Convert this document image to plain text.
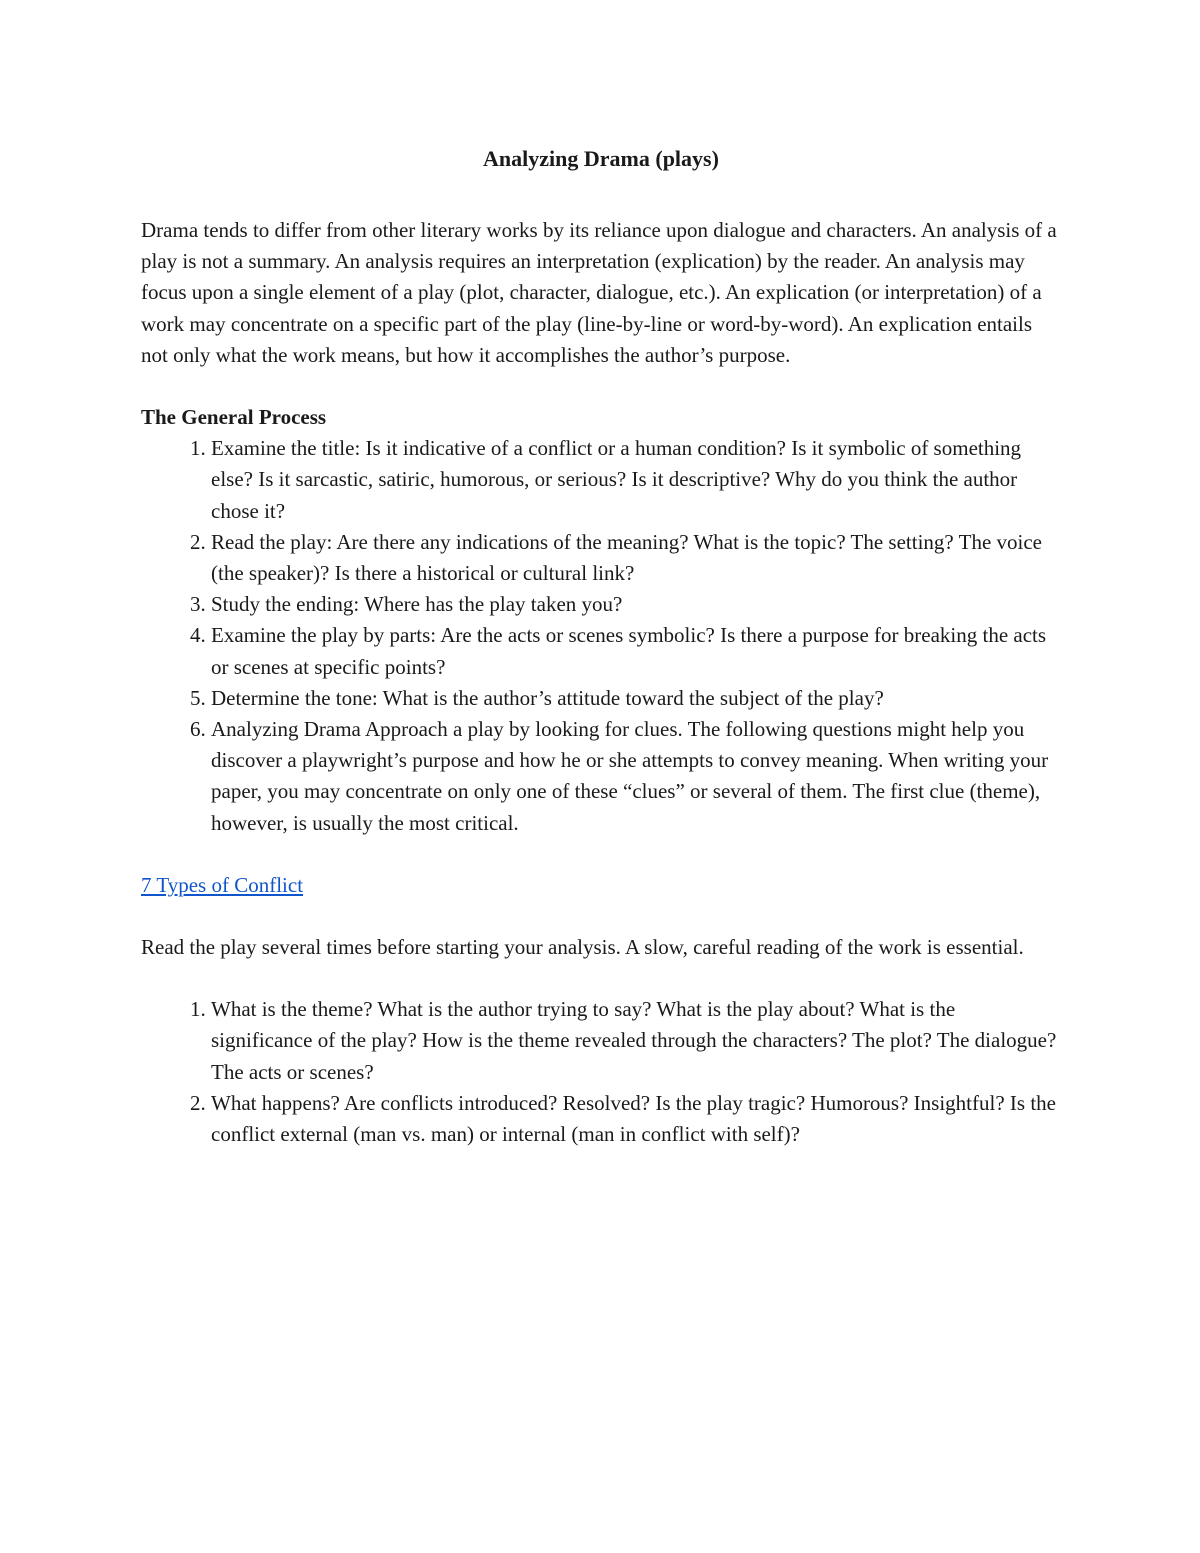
Analyzing Drama (plays)

Drama tends to differ from other literary works by its reliance upon dialogue and characters. An analysis of a play is not a summary. An analysis requires an interpretation (explication) by the reader. An analysis may focus upon a single element of a play (plot, character, dialogue, etc.). An explication (or interpretation) of a
work may concentrate on a specific part of the play (line-by-line or word-by-word). An explication entails not only what the work means, but how it accomplishes the author’s purpose.

The General Process
1. Examine the title: Is it indicative of a conflict or a human condition? Is it symbolic of something else? Is it sarcastic, satiric, humorous, or serious? Is it descriptive? Why do you think the author chose it?
2. Read the play: Are there any indications of the meaning? What is the topic? The setting? The voice (the speaker)? Is there a historical or cultural link?
3. Study the ending: Where has the play taken you?
4. Examine the play by parts: Are the acts or scenes symbolic? Is there a purpose for breaking the acts or scenes at specific points?
5. Determine the tone: What is the author’s attitude toward the subject of the play?
6. Analyzing Drama Approach a play by looking for clues. The following questions might help you discover a playwright’s purpose and how he or she attempts to convey meaning. When writing your paper, you may concentrate on only one of these “clues” or several of them. The first clue (theme), however, is usually the most critical.
7 Types of Conflict

Read the play several times before starting your analysis. A slow, careful reading of the work is essential.

1. What is the theme? What is the author trying to say? What is the play about? What is the significance of the play? How is the theme revealed through the characters? The plot? The dialogue? The acts or scenes?
2. What happens? Are conflicts introduced? Resolved? Is the play tragic? Humorous? Insightful? Is the conflict external (man vs. man) or internal (man in conflict with self)?
